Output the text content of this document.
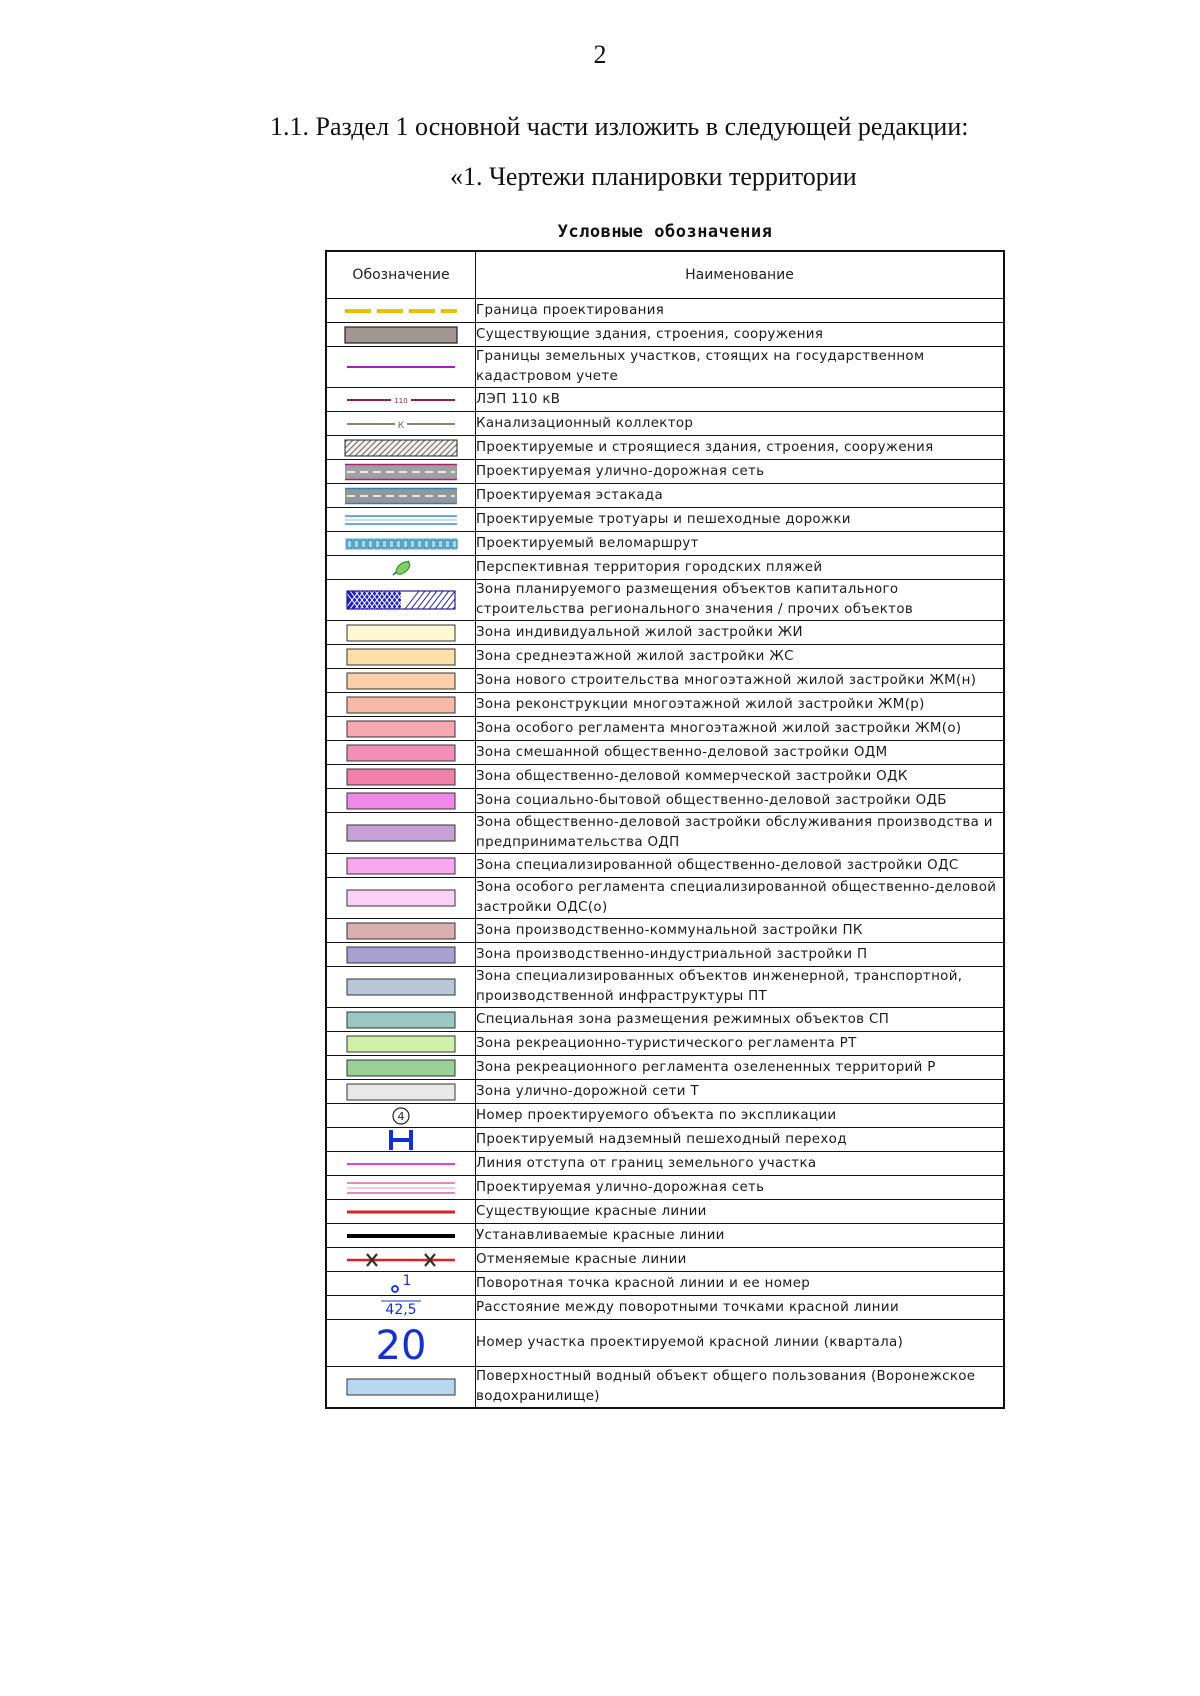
2
1.1. Раздел 1 основной части изложить в следующей редакции:
«1. Чертежи планировки территории
Условные обозначения
Обозначение	Наименование

	Граница проектирования

	Существующие здания, строения, сооружения

	Границы земельных участков, стоящих на государственном кадастровом учете

110	ЛЭП 110 кВ

К	Канализационный коллектор

	Проектируемые и строящиеся здания, строения, сооружения

	Проектируемая улично-дорожная сеть

	Проектируемая эстакада

	Проектируемые тротуары и пешеходные дорожки

	Проектируемый веломаршрут

	Перспективная территория городских пляжей

	Зона планируемого размещения объектов капитального строительства регионального значения / прочих объектов

	Зона индивидуальной жилой застройки ЖИ

	Зона среднеэтажной жилой застройки ЖС

	Зона нового строительства многоэтажной жилой застройки ЖМ(н)

	Зона реконструкции многоэтажной жилой застройки ЖМ(р)

	Зона особого регламента многоэтажной жилой застройки ЖМ(о)

	Зона смешанной общественно-деловой застройки ОДМ

	Зона общественно-деловой коммерческой застройки ОДК

	Зона социально-бытовой общественно-деловой застройки ОДБ

	Зона общественно-деловой застройки обслуживания производства и предпринимательства ОДП

	Зона специализированной общественно-деловой застройки ОДС

	Зона особого регламента специализированной общественно-деловой застройки ОДС(о)

	Зона производственно-коммунальной застройки ПК

	Зона производственно-индустриальной застройки П

	Зона специализированных объектов инженерной, транспортной, производственной инфраструктуры ПТ

	Специальная зона размещения режимных объектов СП

	Зона рекреационно-туристического регламента РТ

	Зона рекреационного регламента озелененных территорий Р

	Зона улично-дорожной сети Т

4	Номер проектируемого объекта по экспликации

	Проектируемый надземный пешеходный переход

	Линия отступа от границ земельного участка

	Проектируемая улично-дорожная сеть

	Существующие красные линии

	Устанавливаемые красные линии

	Отменяемые красные линии

1	Поворотная точка красной линии и ее номер

42,5	Расстояние между поворотными точками красной линии

20	Номер участка проектируемой красной линии (квартала)

	Поверхностный водный объект общего пользования (Воронежское водохранилище)
